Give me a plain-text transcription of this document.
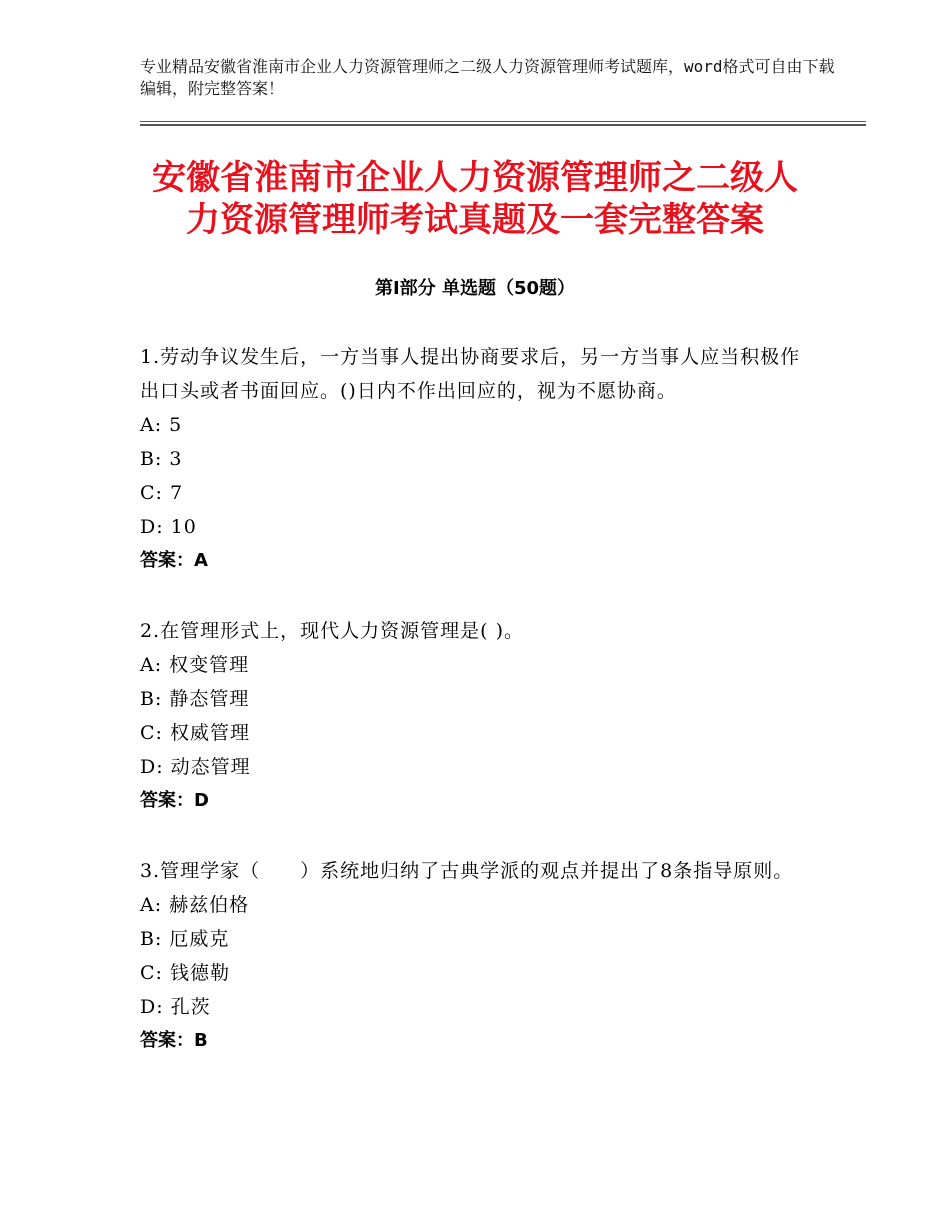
专业精品安徽省淮南市企业人力资源管理师之二级人力资源管理师考试题库，word格式可自由下载编辑，附完整答案！
安徽省淮南市企业人力资源管理师之二级人
力资源管理师考试真题及一套完整答案
第Ⅰ部分 单选题（50题）

1.劳动争议发生后，一方当事人提出协商要求后，另一方当事人应当积极作出口头或者书面回应。()日内不作出回应的，视为不愿协商。

A: 5

B: 3

C: 7

D: 10

答案：A

2.在管理形式上，现代人力资源管理是( )。

A: 权变管理

B: 静态管理

C: 权威管理

D: 动态管理

答案：D

3.管理学家（　　）系统地归纳了古典学派的观点并提出了8条指导原则。

A: 赫兹伯格

B: 厄威克

C: 钱德勒

D: 孔茨

答案：B
